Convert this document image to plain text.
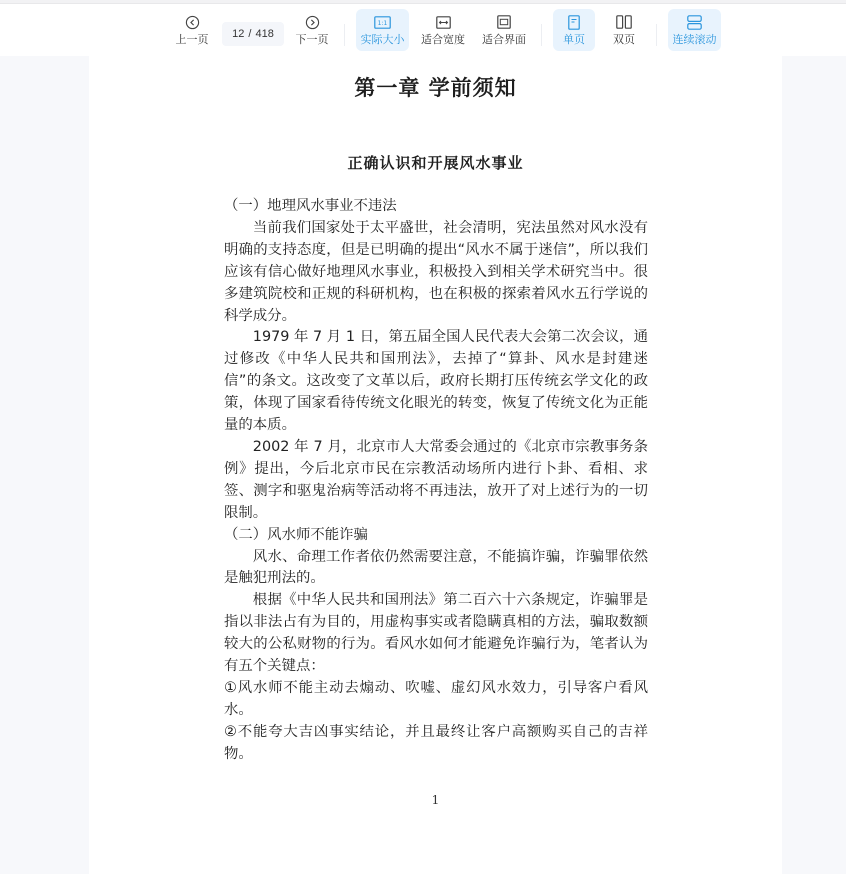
上一页 12 / 418 下一页
1:1
实际大小 适合宽度 适合界面	单页	双页	连续滚动
第一章 学前须知
正确认识和开展风水事业

（一）地理风水事业不违法

当前我们国家处于太平盛世，社会清明，宪法虽然对风水没有明确的支持态度，但是已明确的提出“风水不属于迷信”，所以我们应该有信心做好地理风水事业，积极投入到相关学术研究当中。很多建筑院校和正规的科研机构，也在积极的探索着风水五行学说的科学成分。

1979 年 7 月 1 日，第五届全国人民代表大会第二次会议，通过修改《中华人民共和国刑法》，去掉了“算卦、风水是封建迷信”的条文。这改变了文革以后，政府长期打压传统玄学文化的政策，体现了国家看待传统文化眼光的转变，恢复了传统文化为正能量的本质。

2002 年 7 月，北京市人大常委会通过的《北京市宗教事务条例》提出，今后北京市民在宗教活动场所内进行卜卦、看相、求签、测字和驱鬼治病等活动将不再违法，放开了对上述行为的一切限制。

（二）风水师不能诈骗

风水、命理工作者依仍然需要注意，不能搞诈骗，诈骗罪依然是触犯刑法的。

根据《中华人民共和国刑法》第二百六十六条规定，诈骗罪是指以非法占有为目的，用虚构事实或者隐瞒真相的方法，骗取数额较大的公私财物的行为。看风水如何才能避免诈骗行为，笔者认为有五个关键点：

①风水师不能主动去煽动、吹嘘、虚幻风水效力，引导客户看风水。

②不能夸大吉凶事实结论，并且最终让客户高额购买自己的吉祥物。

1
